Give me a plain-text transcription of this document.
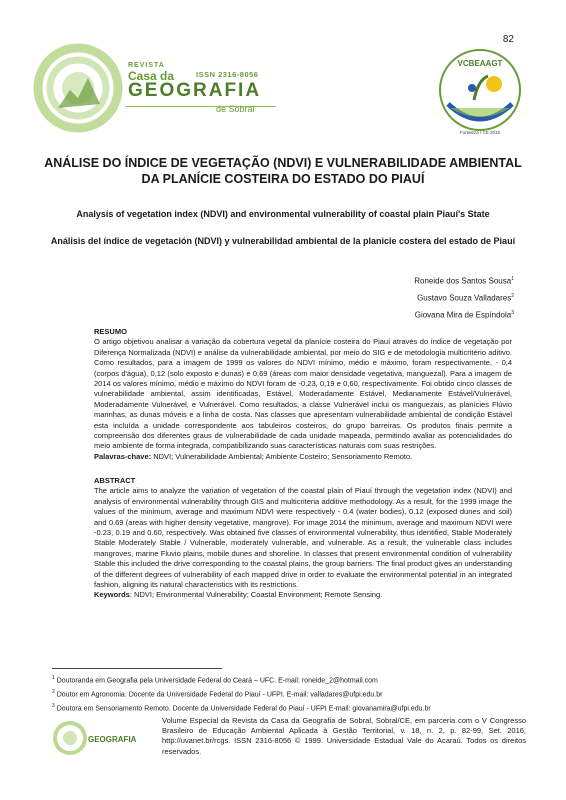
82
REVISTA
Casa da	ISSN 2316-8056
GEOGRAFIA
de Sobral
VCBEAAGT
Fortaleza / CE 2016
ANÁLISE DO ÍNDICE DE VEGETAÇÃO (NDVI) E VULNERABILIDADE AMBIENTAL DA PLANÍCIE COSTEIRA DO ESTADO DO PIAUÍ
Analysis of vegetation index (NDVI) and environmental vulnerability of coastal plain Piauí's State
Análisis del índice de vegetación (NDVI) y vulnerabilidad ambiental de la planicie costera del estado de Piauí
Roneide dos Santos Sousa$^1$
Gustavo Souza Valladares$^2$
Giovana Mira de Espíndola$^3$
RESUMO
O artigo objetivou analisar a variação da cobertura vegetal da planície costeira do Piauí através do índice de vegetação por Diferença Normalizada (NDVI) e análise da vulnerabilidade ambiental, por meio do SIG e de metodologia multicritério aditivo. Como resultados, para a imagem de 1999 os valores do NDVI mínimo, médio e máximo, foram respectivamente, - 0,4 (corpos d'água), 0,12 (solo exposto e dunas) e 0,69 (áreas com maior densidade vegetativa, manguezal). Para a imagem de 2014 os valores mínimo, médio e máximo do NDVI foram de -0,23, 0,19 e 0,60, respectivamente. Foi obtido cinco classes de vulnerabilidade ambiental, assim identificadas, Estável, Moderadamente Estável, Medianamente Estável/Vulnerável, Moderadamente Vulnerável, e Vulnerável. Como resultados, a classe Vulnerável inclui os manguezais, as planícies Flúvio marinhas, as dunas móveis e a linha de costa. Nas classes que apresentam vulnerabilidade ambiental de condição Estável esta incluída a unidade correspondente aos tabuleiros costeiros, do grupo barreiras. Os produtos finais permite a compreensão dos diferentes graus de vulnerabilidade de cada unidade mapeada, permitindo avaliar as potencialidades do meio ambiente de forma integrada, compatibilizando suas características naturais com suas restrições.
Palavras-chave: NDVI; Vulnerabilidade Ambiental; Ambiente Costeiro; Sensoriamento Remoto.
ABSTRACT
The article aims to analyze the variation of vegetation of the coastal plain of Piauí through the vegetation index (NDVI) and analysis of environmental vulnerability through GIS and multicriteria additive methodology. As a result, for the 1999 image the values of the minimum, average and maximum NDVI were respectively - 0.4 (water bodies), 0.12 (exposed dunes and soil) and 0.69 (areas with higher density vegetative, mangrove). For image 2014 the minimum, average and maximum NDVI were -0.23, 0.19 and 0.60, respectively. Was obtained five classes of environmental vulnerability, thus identified, Stable Moderately Stable Moderately Stable / Vulnerable, moderately vulnerable, and vulnerable. As a result, the vulnerable class includes mangroves, marine Fluvio plains, mobile dunes and shoreline. In classes that present environmental condition of vulnerability Stable this included the drive corresponding to the coastal plains, the group barriers. The final product gives an understanding of the different degrees of vulnerability of each mapped drive in order to evaluate the environmental potential in an integrated fashion, aligning its natural characteristics with its restrictions.
Keywords: NDVI; Environmental Vulnerability; Coastal Environment; Remote Sensing.
$^1$ Doutoranda em Geografia pela Universidade Federal do Ceará – UFC. E-mail: roneide_2@hotmail.com
$^2$ Doutor em Agronomia. Docente da Universidade Federal do Piauí - UFPI. E-mail: valladares@ufpi.edu.br
$^3$ Doutora em Sensoriamento Remoto. Docente da Universidade Federal do Piauí - UFPI E-mail: giovanamira@ufpi.edu.br
GEOGRAFIA
Volume Especial da Revista da Casa da Geografia de Sobral, Sobral/CE, em parceria com o V Congresso Brasileiro de Educação Ambiental Aplicada à Gestão Territorial, v. 18, n. 2, p. 82-99, Set. 2016, http://uvanet.br/rcgs. ISSN 2316-8056 © 1999. Universidade Estadual Vale do Acaraú. Todos os direitos reservados.
